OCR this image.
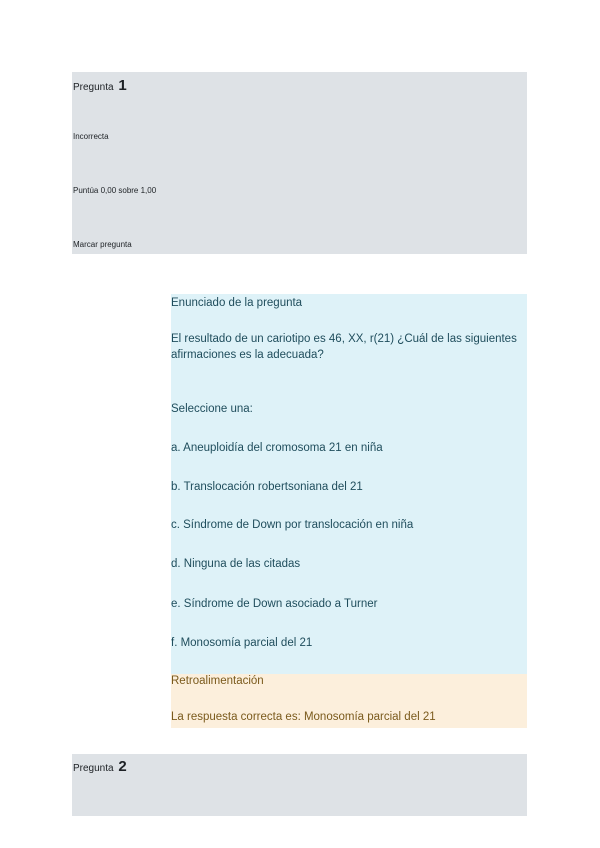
Pregunta 1
Incorrecta
Puntúa 0,00 sobre 1,00
Marcar pregunta
Enunciado de la pregunta
El resultado de un cariotipo es 46, XX, r(21) ¿Cuál de las siguientes afirmaciones es la adecuada?
Seleccione una:
a. Aneuploidía del cromosoma 21 en niña
b. Translocación robertsoniana del 21
c. Síndrome de Down por translocación en niña
d. Ninguna de las citadas
e. Síndrome de Down asociado a Turner
f. Monosomía parcial del 21
Retroalimentación
La respuesta correcta es: Monosomía parcial del 21
Pregunta 2
